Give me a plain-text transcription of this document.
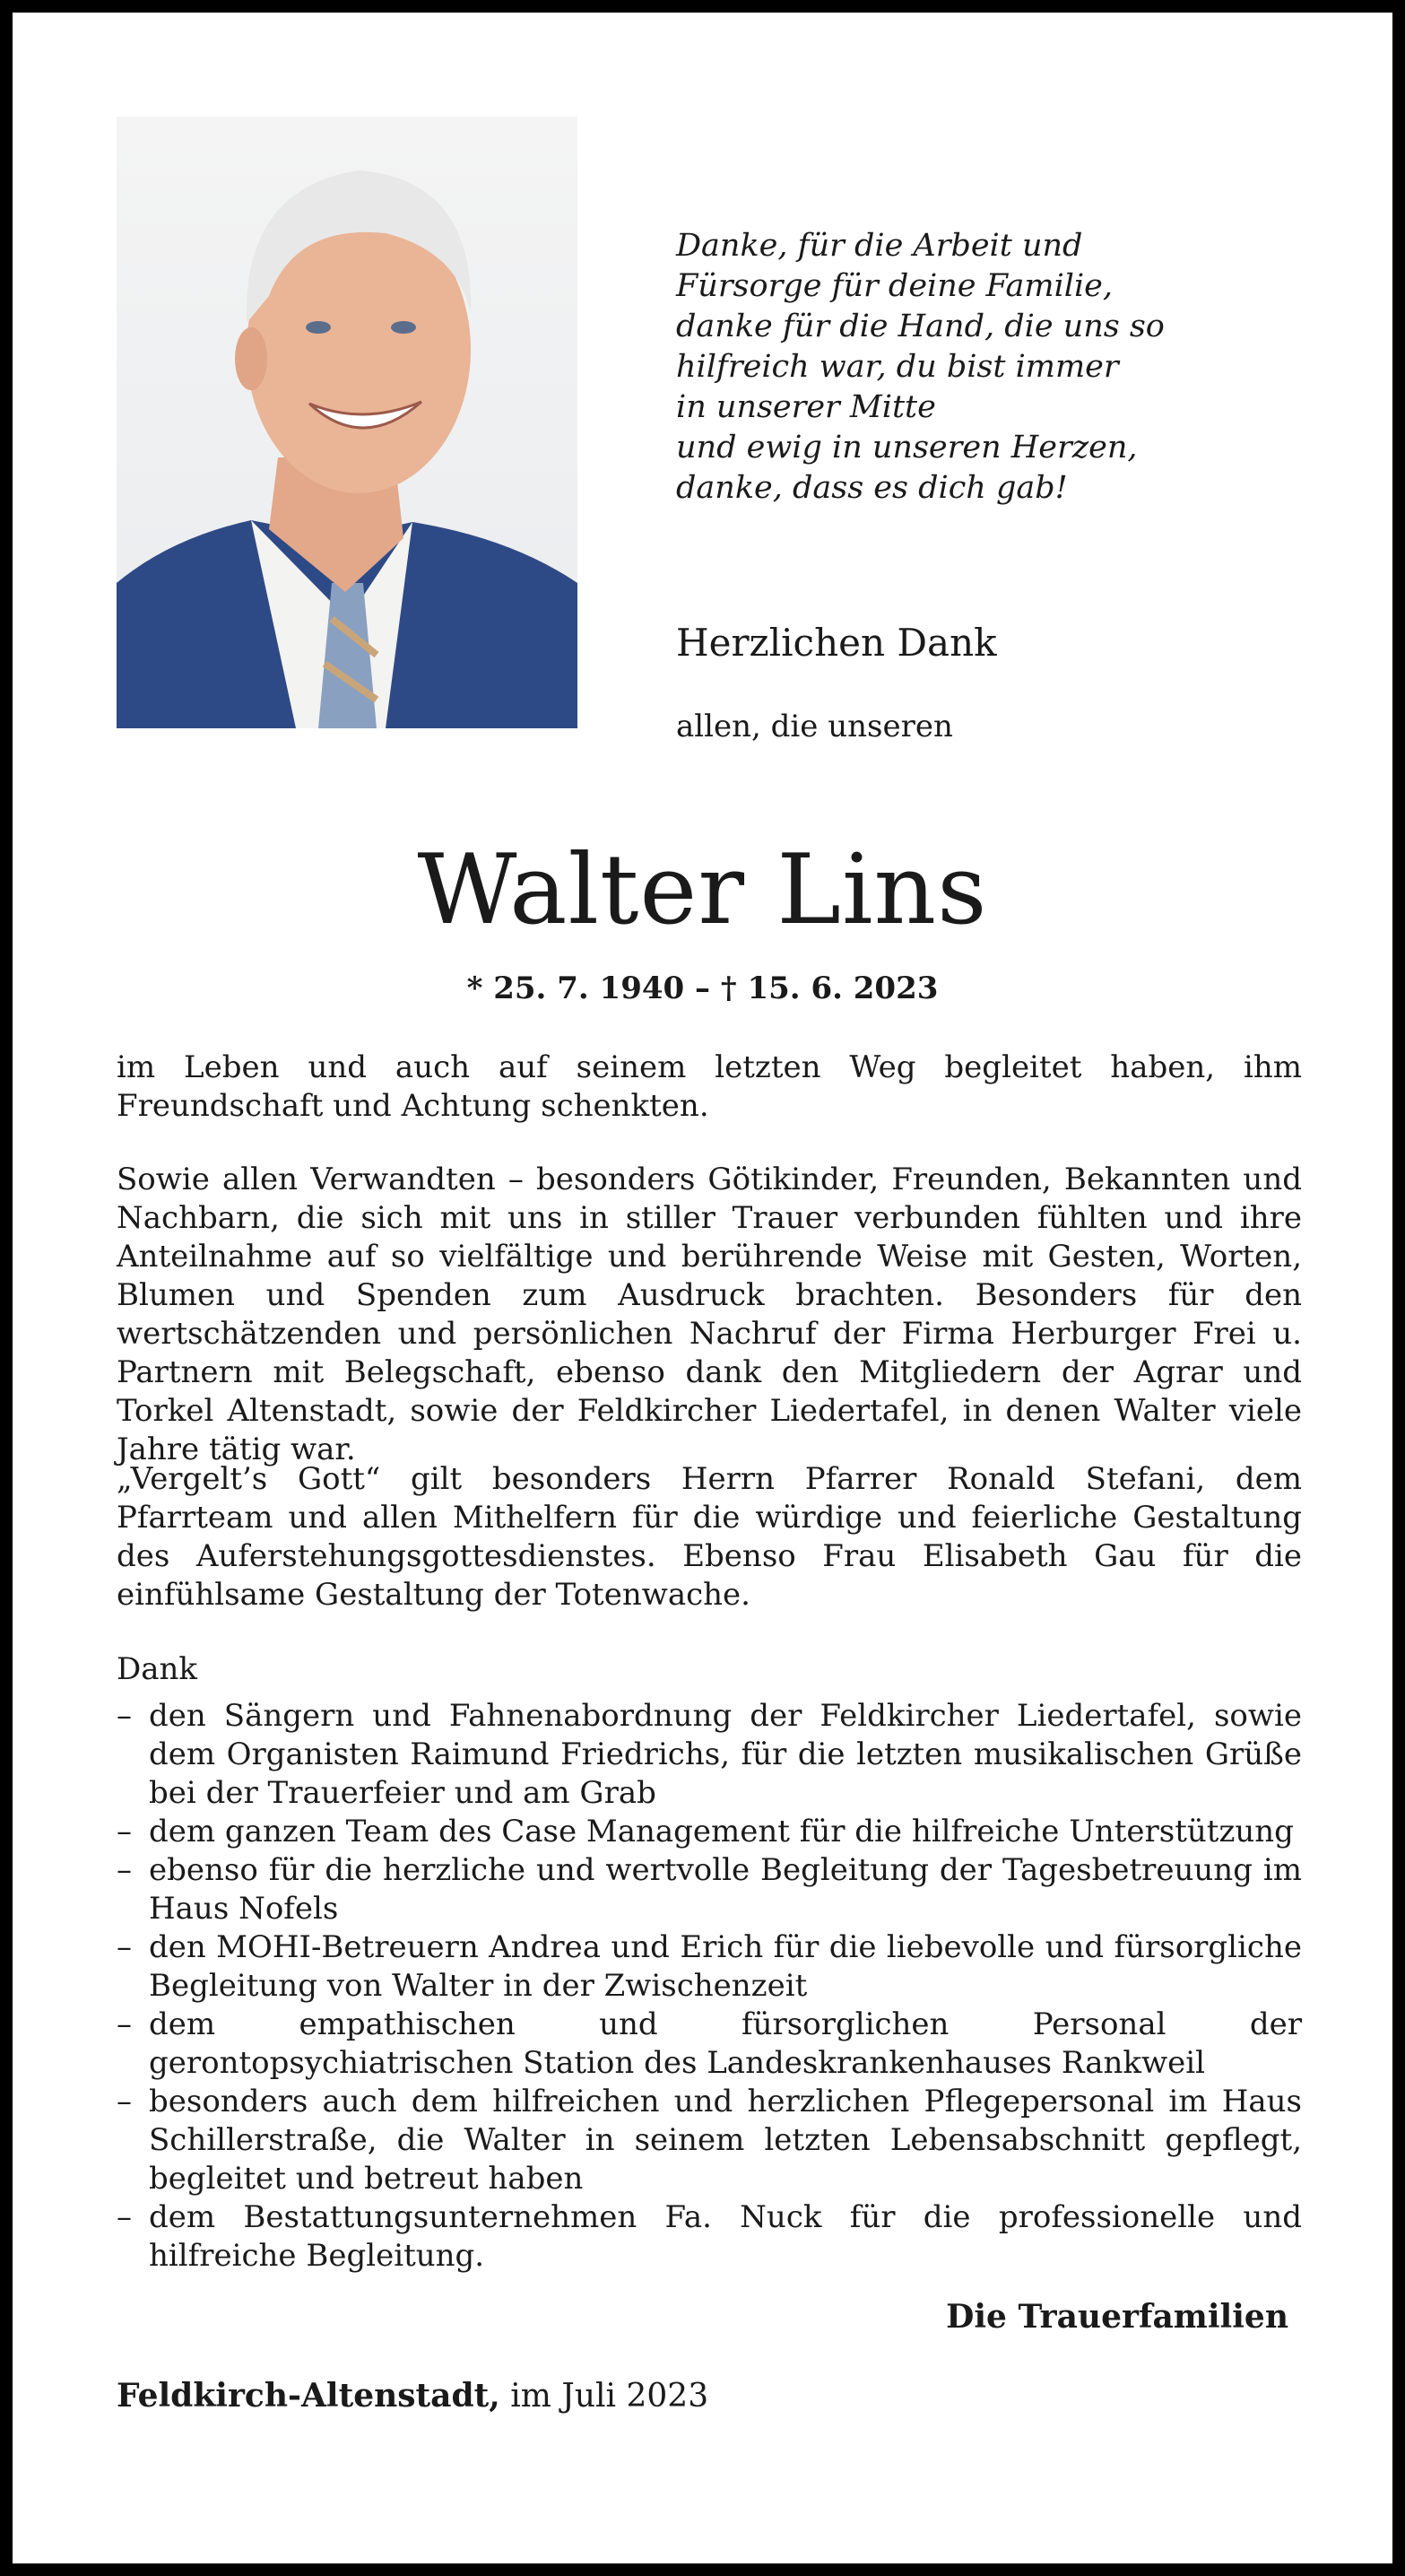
Danke, für die Arbeit und
Fürsorge für deine Familie,
danke für die Hand, die uns so
hilfreich war, du bist immer
in unserer Mitte
und ewig in unseren Herzen,
danke, dass es dich gab!
Herzlichen Dank
allen, die unseren
Walter Lins
* 25. 7. 1940 – † 15. 6. 2023
im Leben und auch auf seinem letzten Weg begleitet haben, ihm Freundschaft und Achtung schenkten.
Sowie allen Verwandten – besonders Götikinder, Freunden, Bekannten und Nachbarn, die sich mit uns in stiller Trauer verbunden fühlten und ihre Anteilnahme auf so vielfältige und berührende Weise mit Gesten, Worten, Blumen und Spenden zum Ausdruck brachten. Besonders für den wertschätzenden und persönlichen Nachruf der Firma Herburger Frei u. Partnern mit Belegschaft, ebenso dank den Mitgliedern der Agrar und Torkel Altenstadt, sowie der Feldkircher Liedertafel, in denen Walter viele Jahre tätig war.
„Vergelt’s Gott“ gilt besonders Herrn Pfarrer Ronald Stefani, dem Pfarrteam und allen Mithelfern für die würdige und feierliche Gestaltung des Auferstehungsgottesdienstes. Ebenso Frau Elisabeth Gau für die einfühlsame Gestaltung der Totenwache.
Dank
– den Sängern und Fahnenabordnung der Feldkircher Liedertafel, sowie dem Organisten Raimund Friedrichs, für die letzten musikalischen Grüße bei der Trauerfeier und am Grab
– dem ganzen Team des Case Management für die hilfreiche Unterstützung
– ebenso für die herzliche und wertvolle Begleitung der Tagesbetreuung im Haus Nofels
– den MOHI-Betreuern Andrea und Erich für die liebevolle und fürsorgliche Begleitung von Walter in der Zwischenzeit
– dem empathischen und fürsorglichen Personal der gerontopsychiatrischen Station des Landeskrankenhauses Rankweil
– besonders auch dem hilfreichen und herzlichen Pflegepersonal im Haus Schillerstraße, die Walter in seinem letzten Lebensabschnitt gepflegt, begleitet und betreut haben
– dem Bestattungsunternehmen Fa. Nuck für die professionelle und hilfreiche Begleitung.
Die Trauerfamilien
Feldkirch-Altenstadt, im Juli 2023
